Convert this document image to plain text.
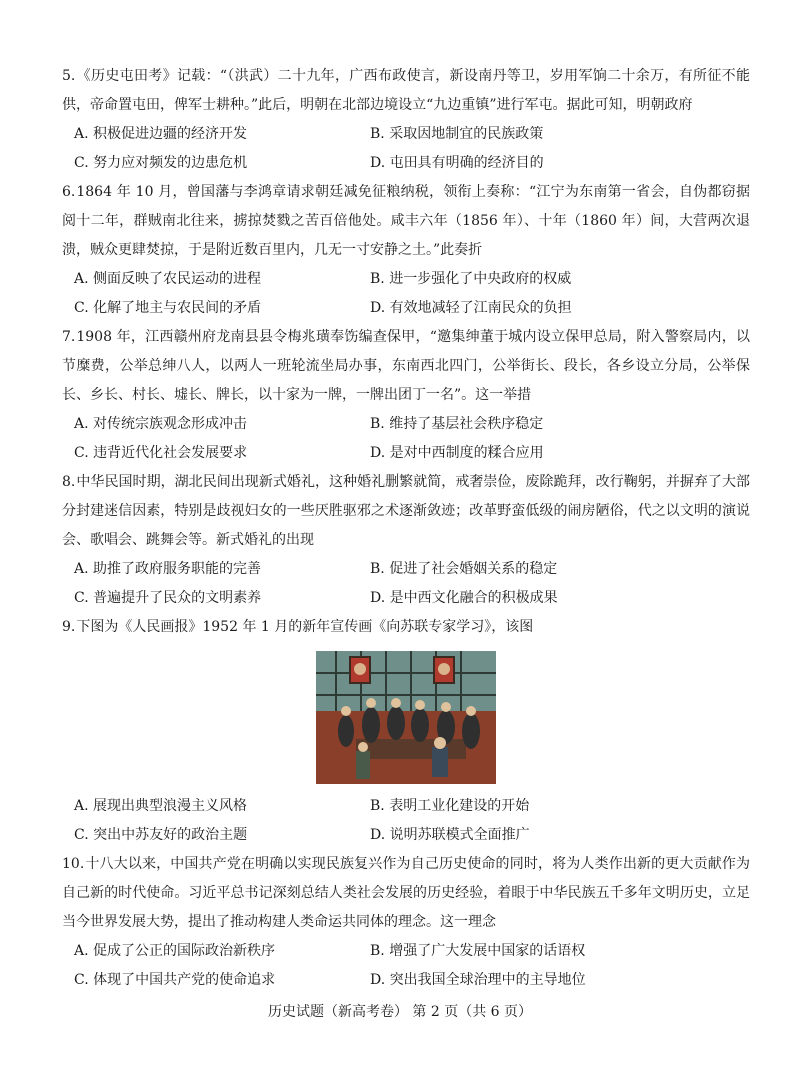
5.《历史屯田考》记载：“（洪武）二十九年，广西布政使言，新设南丹等卫，岁用军饷二十余万，有所征不能供，帝命置屯田，俾军士耕种。”此后，明朝在北部边境设立“九边重镇”进行军屯。据此可知，明朝政府
A. 积极促进边疆的经济开发	B. 采取因地制宜的民族政策
C. 努力应对频发的边患危机	D. 屯田具有明确的经济目的
6.1864 年 10 月，曾国藩与李鸿章请求朝廷减免征粮纳税，领衔上奏称：“江宁为东南第一省会，自伪都窃据阅十二年，群贼南北往来，掳掠焚戮之苦百倍他处。咸丰六年（1856 年）、十年（1860 年）间，大营两次退溃，贼众更肆焚掠，于是附近数百里内，几无一寸安静之土。”此奏折
A. 侧面反映了农民运动的进程	B. 进一步强化了中央政府的权威
C. 化解了地主与农民间的矛盾	D. 有效地减轻了江南民众的负担
7.1908 年，江西赣州府龙南县县令梅兆璜奉饬编查保甲，“邀集绅董于城内设立保甲总局，附入警察局内，以节糜费，公举总绅八人，以两人一班轮流坐局办事，东南西北四门，公举街长、段长，各乡设立分局，公举保长、乡长、村长、墟长、牌长，以十家为一牌，一牌出团丁一名”。这一举措
A. 对传统宗族观念形成冲击	B. 维持了基层社会秩序稳定
C. 违背近代化社会发展要求	D. 是对中西制度的糅合应用
8.中华民国时期，湖北民间出现新式婚礼，这种婚礼删繁就简，戒奢崇俭，废除跪拜，改行鞠躬，并摒弃了大部分封建迷信因素，特别是歧视妇女的一些厌胜驱邪之术逐渐敛迹；改革野蛮低级的闹房陋俗，代之以文明的演说会、歌唱会、跳舞会等。新式婚礼的出现
A. 助推了政府服务职能的完善	B. 促进了社会婚姻关系的稳定
C. 普遍提升了民众的文明素养	D. 是中西文化融合的积极成果
9.下图为《人民画报》1952 年 1 月的新年宣传画《向苏联专家学习》，该图
A. 展现出典型浪漫主义风格	B. 表明工业化建设的开始
C. 突出中苏友好的政治主题	D. 说明苏联模式全面推广
10.十八大以来，中国共产党在明确以实现民族复兴作为自己历史使命的同时，将为人类作出新的更大贡献作为自己新的时代使命。习近平总书记深刻总结人类社会发展的历史经验，着眼于中华民族五千多年文明历史，立足当今世界发展大势，提出了推动构建人类命运共同体的理念。这一理念
A. 促成了公正的国际政治新秩序	B. 增强了广大发展中国家的话语权
C. 体现了中国共产党的使命追求	D. 突出我国全球治理中的主导地位
历史试题（新高考卷） 第 2 页（共 6 页）
